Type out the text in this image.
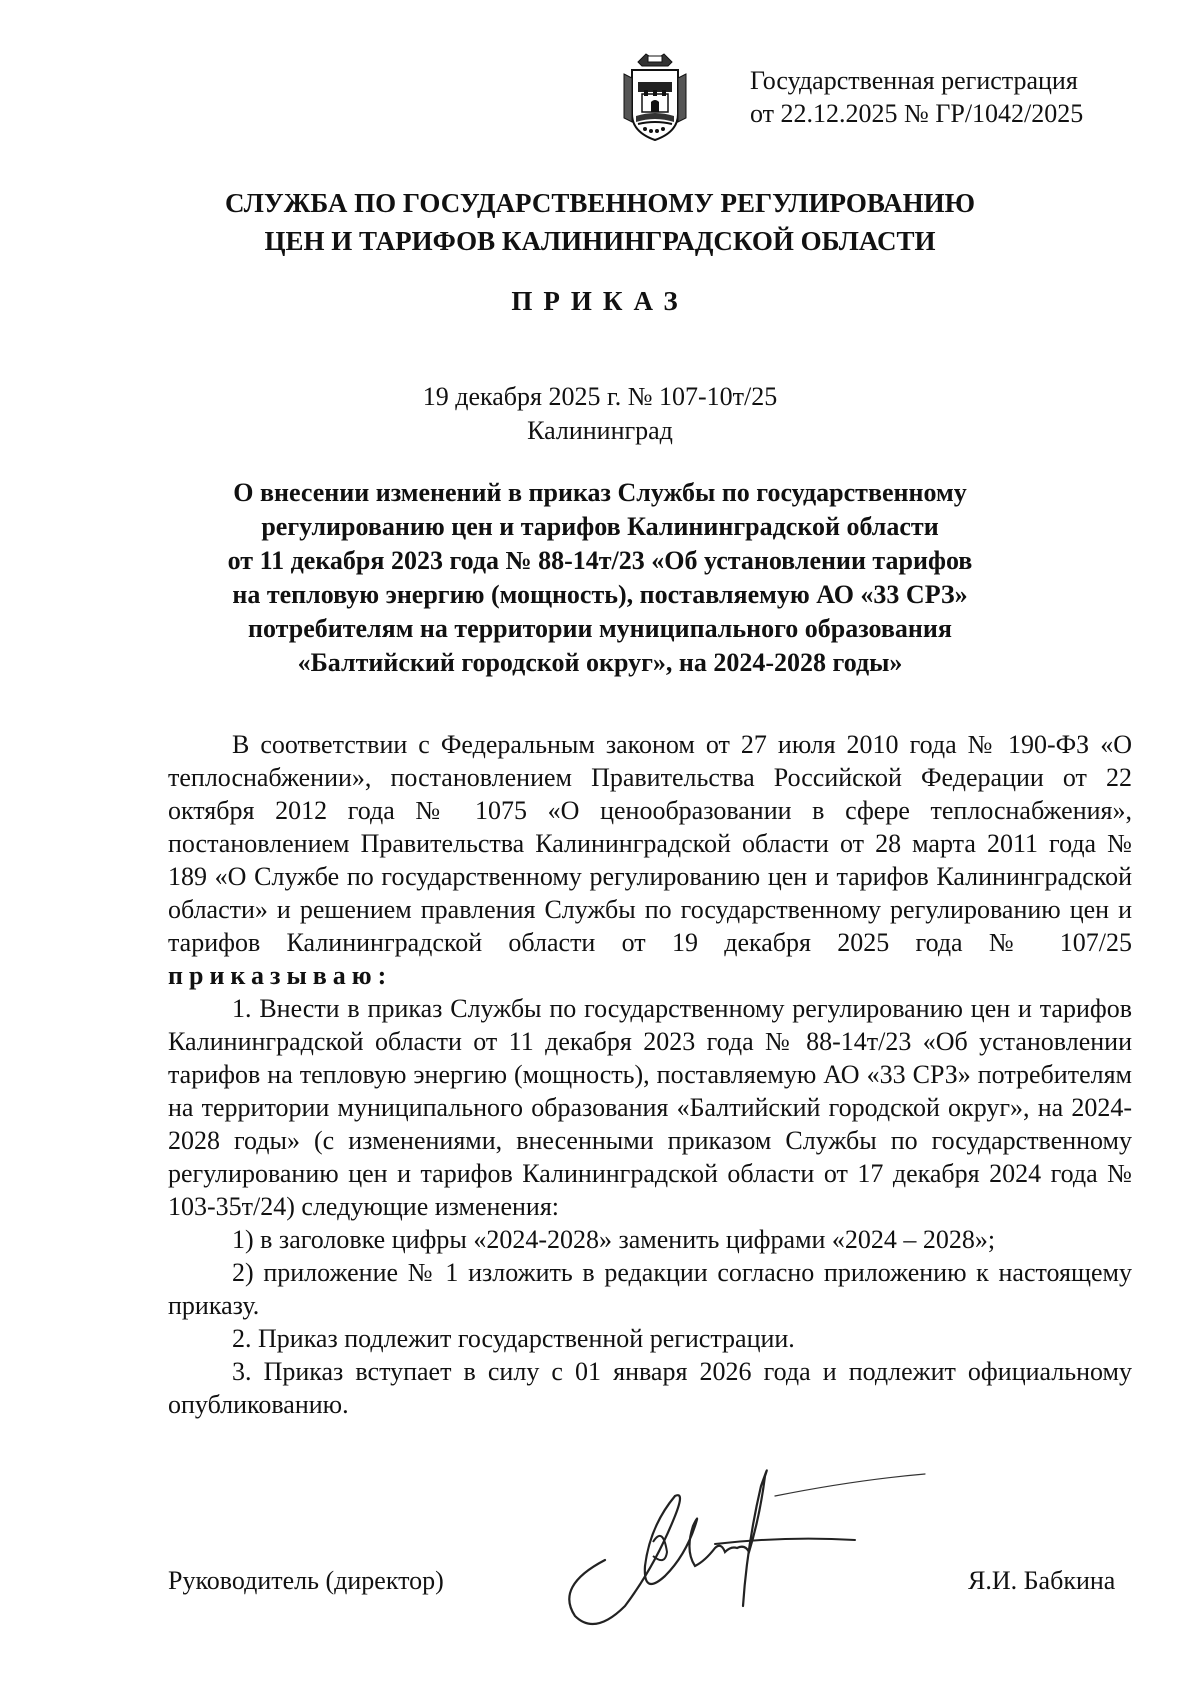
Государственная регистрация
от 22.12.2025 № ГР/1042/2025
СЛУЖБА ПО ГОСУДАРСТВЕННОМУ РЕГУЛИРОВАНИЮ
ЦЕН И ТАРИФОВ КАЛИНИНГРАДСКОЙ ОБЛАСТИ
ПРИКАЗ
19 декабря 2025 г. № 107-10т/25
Калининград
О внесении изменений в приказ Службы по государственному
регулированию цен и тарифов Калининградской области
от 11 декабря 2023 года № 88-14т/23 «Об установлении тарифов
на тепловую энергию (мощность), поставляемую АО «33 СРЗ»
потребителям на территории муниципального образования
«Балтийский городской округ», на 2024-2028 годы»

В соответствии с Федеральным законом от 27 июля 2010 года № 190-ФЗ «О теплоснабжении», постановлением Правительства Российской Федерации от 22 октября 2012 года № 1075 «О ценообразовании в сфере теплоснабжения», постановлением Правительства Калининградской области от 28 марта 2011 года № 189 «О Службе по государственному регулированию цен и тарифов Калининградской области» и решением правления Службы по государственному регулированию цен и тарифов Калининградской области от 19 декабря 2025 года № 107/25 приказываю:

1. Внести в приказ Службы по государственному регулированию цен и тарифов Калининградской области от 11 декабря 2023 года № 88-14т/23 «Об установлении тарифов на тепловую энергию (мощность), поставляемую АО «33 СРЗ» потребителям на территории муниципального образования «Балтийский городской округ», на 2024-2028 годы» (с изменениями, внесенными приказом Службы по государственному регулированию цен и тарифов Калининградской области от 17 декабря 2024 года № 103-35т/24) следующие изменения:

1) в заголовке цифры «2024-2028» заменить цифрами «2024 – 2028»;

2) приложение № 1 изложить в редакции согласно приложению к настоящему приказу.

2. Приказ подлежит государственной регистрации.

3. Приказ вступает в силу с 01 января 2026 года и подлежит официальному опубликованию.

Руководитель (директор)	Я.И. Бабкина
